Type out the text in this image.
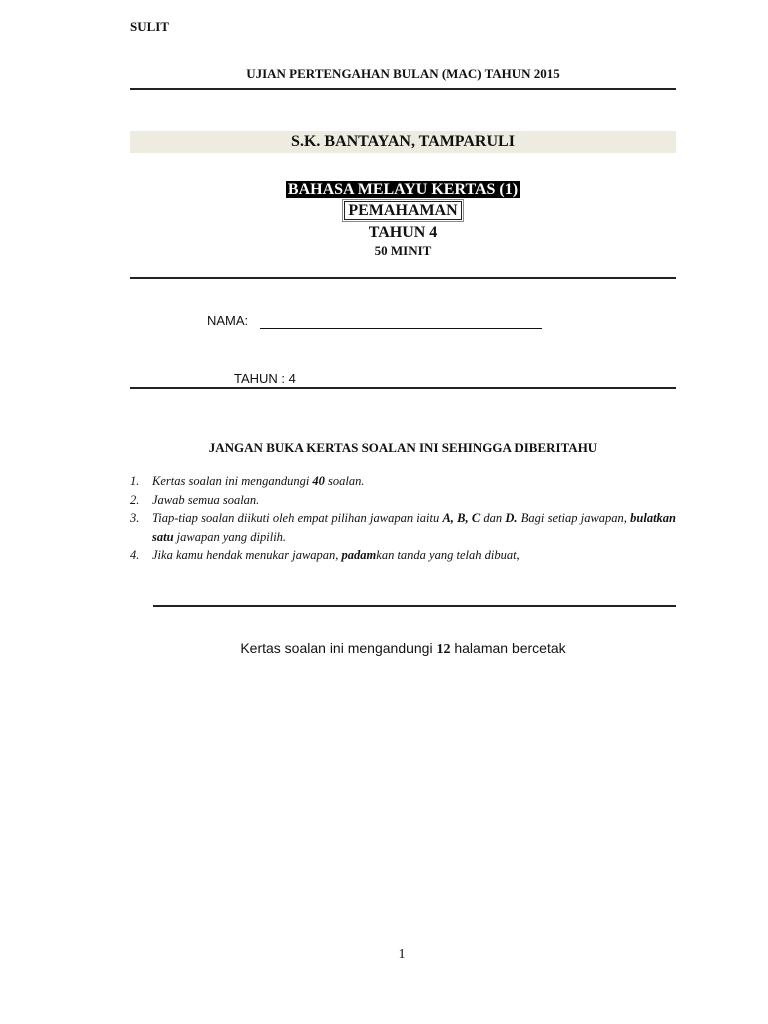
SULIT
UJIAN PERTENGAHAN BULAN (MAC) TAHUN 2015
S.K. BANTAYAN, TAMPARULI
BAHASA MELAYU KERTAS (1)
PEMAHAMAN
TAHUN 4
50 MINIT
NAMA:
TAHUN : 4
JANGAN BUKA KERTAS SOALAN INI SEHINGGA DIBERITAHU
1.	Kertas soalan ini mengandungi 40 soalan.
2.	Jawab semua soalan.
3.	Tiap-tiap soalan diikuti oleh empat pilihan jawapan iaitu A, B, C dan D. Bagi setiap jawapan, bulatkan satu jawapan yang dipilih.
4.	Jika kamu hendak menukar jawapan, padamkan tanda yang telah dibuat,
Kertas soalan ini mengandungi 12 halaman bercetak
1
